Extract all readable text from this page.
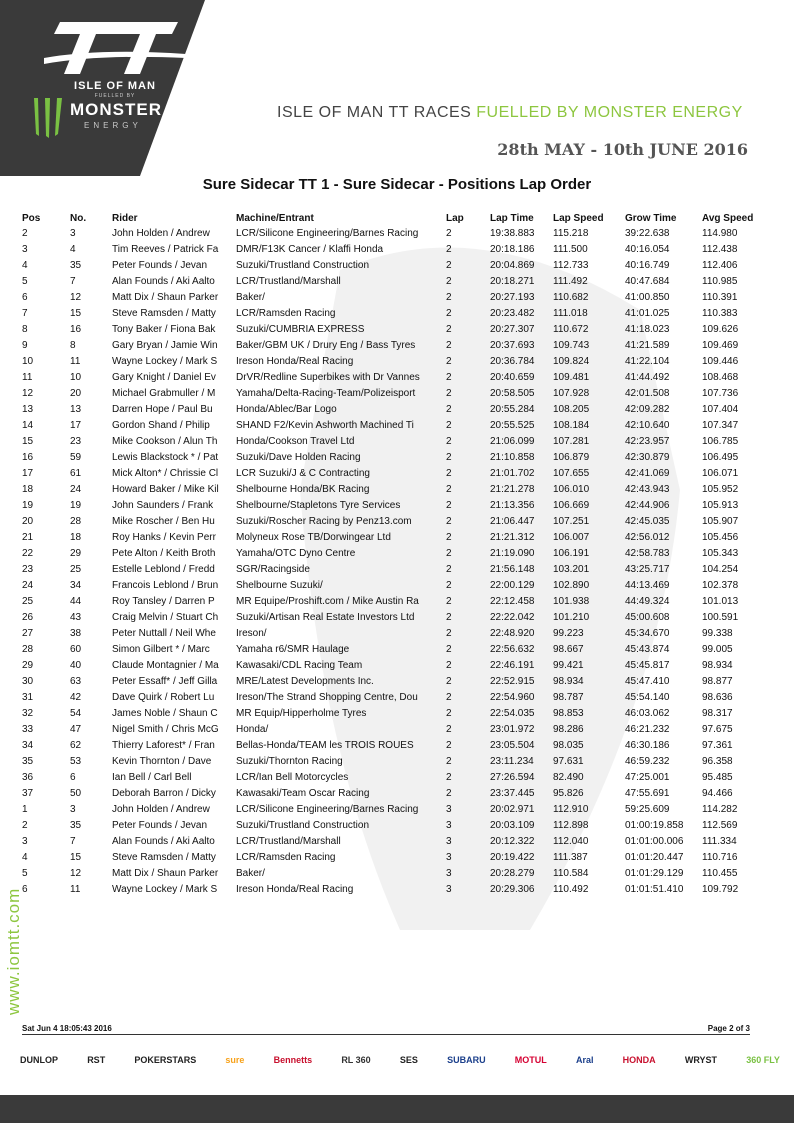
ISLE OF MAN
FUELLED BY
MONSTER
ENERGY
ISLE OF MAN TT RACES FUELLED BY MONSTER ENERGY
28th MAY - 10th JUNE 2016
www.iomtt.com
Sure Sidecar TT 1 - Sure Sidecar - Positions Lap Order
Pos	No.	Rider	Machine/Entrant	Lap	Lap Time	Lap Speed	Grow Time	Avg Speed
2	3	John Holden / Andrew	LCR/Silicone Engineering/Barnes Racing	2	19:38.883	115.218	39:22.638	114.980
3	4	Tim Reeves / Patrick Fa	DMR/F13K Cancer / Klaffi Honda	2	20:18.186	111.500	40:16.054	112.438
4	35	Peter Founds / Jevan	Suzuki/Trustland Construction	2	20:04.869	112.733	40:16.749	112.406
5	7	Alan Founds / Aki Aalto	LCR/Trustland/Marshall	2	20:18.271	111.492	40:47.684	110.985
6	12	Matt Dix / Shaun Parker	Baker/	2	20:27.193	110.682	41:00.850	110.391
7	15	Steve Ramsden / Matty	LCR/Ramsden Racing	2	20:23.482	111.018	41:01.025	110.383
8	16	Tony Baker / Fiona Bak	Suzuki/CUMBRIA EXPRESS	2	20:27.307	110.672	41:18.023	109.626
9	8	Gary Bryan / Jamie Win	Baker/GBM UK / Drury Eng / Bass Tyres	2	20:37.693	109.743	41:21.589	109.469
10	11	Wayne Lockey / Mark S	Ireson Honda/Real Racing	2	20:36.784	109.824	41:22.104	109.446
11	10	Gary Knight / Daniel Ev	DrVR/Redline Superbikes with Dr Vannes	2	20:40.659	109.481	41:44.492	108.468
12	20	Michael Grabmuller / M	Yamaha/Delta-Racing-Team/Polizeisport	2	20:58.505	107.928	42:01.508	107.736
13	13	Darren Hope / Paul Bu	Honda/Ablec/Bar Logo	2	20:55.284	108.205	42:09.282	107.404
14	17	Gordon Shand / Philip	SHAND F2/Kevin Ashworth Machined Ti	2	20:55.525	108.184	42:10.640	107.347
15	23	Mike Cookson / Alun Th	Honda/Cookson Travel Ltd	2	21:06.099	107.281	42:23.957	106.785
16	59	Lewis Blackstock * / Pat	Suzuki/Dave Holden Racing	2	21:10.858	106.879	42:30.879	106.495
17	61	Mick Alton* / Chrissie Cl	LCR Suzuki/J & C Contracting	2	21:01.702	107.655	42:41.069	106.071
18	24	Howard Baker / Mike Kil	Shelbourne Honda/BK Racing	2	21:21.278	106.010	42:43.943	105.952
19	19	John Saunders / Frank	Shelbourne/Stapletons Tyre Services	2	21:13.356	106.669	42:44.906	105.913
20	28	Mike Roscher / Ben Hu	Suzuki/Roscher Racing by Penz13.com	2	21:06.447	107.251	42:45.035	105.907
21	18	Roy Hanks / Kevin Perr	Molyneux Rose TB/Dorwingear Ltd	2	21:21.312	106.007	42:56.012	105.456
22	29	Pete Alton / Keith Broth	Yamaha/OTC Dyno Centre	2	21:19.090	106.191	42:58.783	105.343
23	25	Estelle Leblond / Fredd	SGR/Racingside	2	21:56.148	103.201	43:25.717	104.254
24	34	Francois Leblond / Brun	Shelbourne Suzuki/	2	22:00.129	102.890	44:13.469	102.378
25	44	Roy Tansley / Darren P	MR Equipe/Proshift.com / Mike Austin Ra	2	22:12.458	101.938	44:49.324	101.013
26	43	Craig Melvin / Stuart Ch	Suzuki/Artisan Real Estate Investors Ltd	2	22:22.042	101.210	45:00.608	100.591
27	38	Peter Nuttall / Neil Whe	Ireson/	2	22:48.920	99.223	45:34.670	99.338
28	60	Simon Gilbert * / Marc	Yamaha r6/SMR Haulage	2	22:56.632	98.667	45:43.874	99.005
29	40	Claude Montagnier / Ma	Kawasaki/CDL Racing Team	2	22:46.191	99.421	45:45.817	98.934
30	63	Peter Essaff* / Jeff Gilla	MRE/Latest Developments Inc.	2	22:52.915	98.934	45:47.410	98.877
31	42	Dave Quirk / Robert Lu	Ireson/The Strand Shopping Centre, Dou	2	22:54.960	98.787	45:54.140	98.636
32	54	James Noble / Shaun C	MR Equip/Hipperholme Tyres	2	22:54.035	98.853	46:03.062	98.317
33	47	Nigel Smith / Chris McG	Honda/	2	23:01.972	98.286	46:21.232	97.675
34	62	Thierry Laforest* / Fran	Bellas-Honda/TEAM les TROIS ROUES	2	23:05.504	98.035	46:30.186	97.361
35	53	Kevin Thornton / Dave	Suzuki/Thornton Racing	2	23:11.234	97.631	46:59.232	96.358
36	6	Ian Bell / Carl Bell	LCR/Ian Bell Motorcycles	2	27:26.594	82.490	47:25.001	95.485
37	50	Deborah Barron / Dicky	Kawasaki/Team Oscar Racing	2	23:37.445	95.826	47:55.691	94.466
1	3	John Holden / Andrew	LCR/Silicone Engineering/Barnes Racing	3	20:02.971	112.910	59:25.609	114.282
2	35	Peter Founds / Jevan	Suzuki/Trustland Construction	3	20:03.109	112.898	01:00:19.858	112.569
3	7	Alan Founds / Aki Aalto	LCR/Trustland/Marshall	3	20:12.322	112.040	01:01:00.006	111.334
4	15	Steve Ramsden / Matty	LCR/Ramsden Racing	3	20:19.422	111.387	01:01:20.447	110.716
5	12	Matt Dix / Shaun Parker	Baker/	3	20:28.279	110.584	01:01:29.129	110.455
6	11	Wayne Lockey / Mark S	Ireson Honda/Real Racing	3	20:29.306	110.492	01:01:51.410	109.792
Sat Jun 4 18:05:43 2016	Page 2 of 3
DUNLOP	RST	POKERSTARS	sure	Bennetts	RL 360	SES	SUBARU	MOTUL	Aral	HONDA	WRYST	360 FLY
